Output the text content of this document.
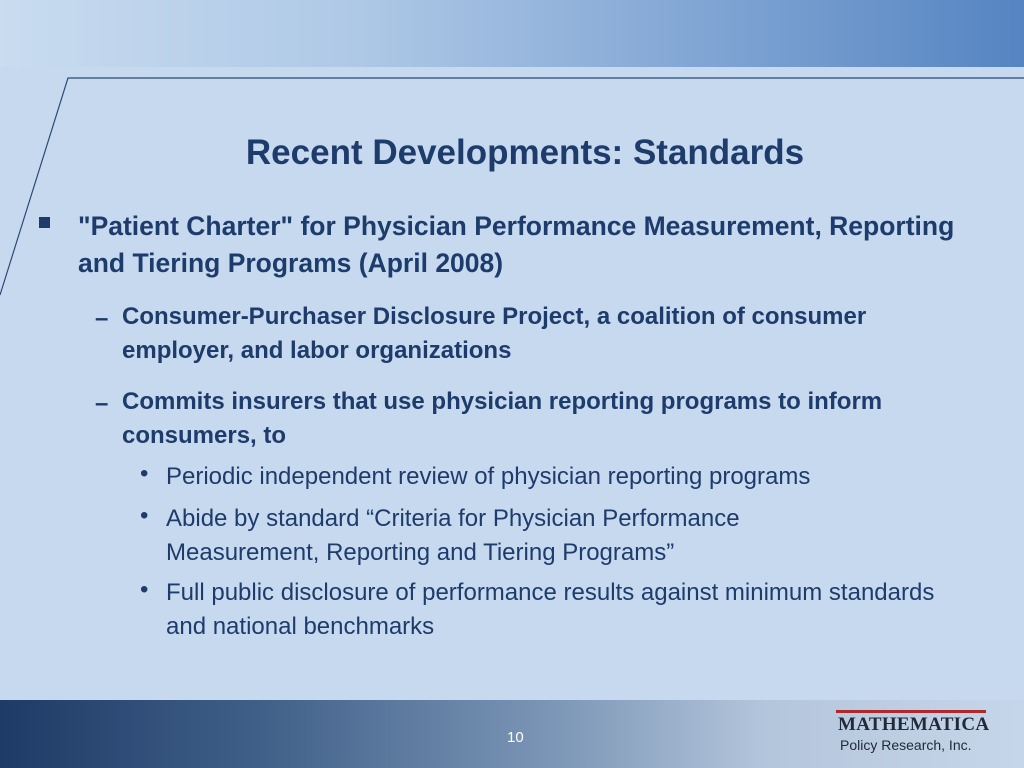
Recent Developments: Standards
"Patient Charter" for Physician Performance Measurement, Reporting and Tiering Programs (April 2008)
– Consumer-Purchaser Disclosure Project, a coalition of consumer employer, and labor organizations
– Commits insurers that use physician reporting programs to inform consumers, to
• Periodic independent review of physician reporting programs
• Abide by standard “Criteria for Physician Performance Measurement, Reporting and Tiering Programs”
• Full public disclosure of performance results against minimum standards and national benchmarks
10
MATHEMATICA
Policy Research, Inc.
